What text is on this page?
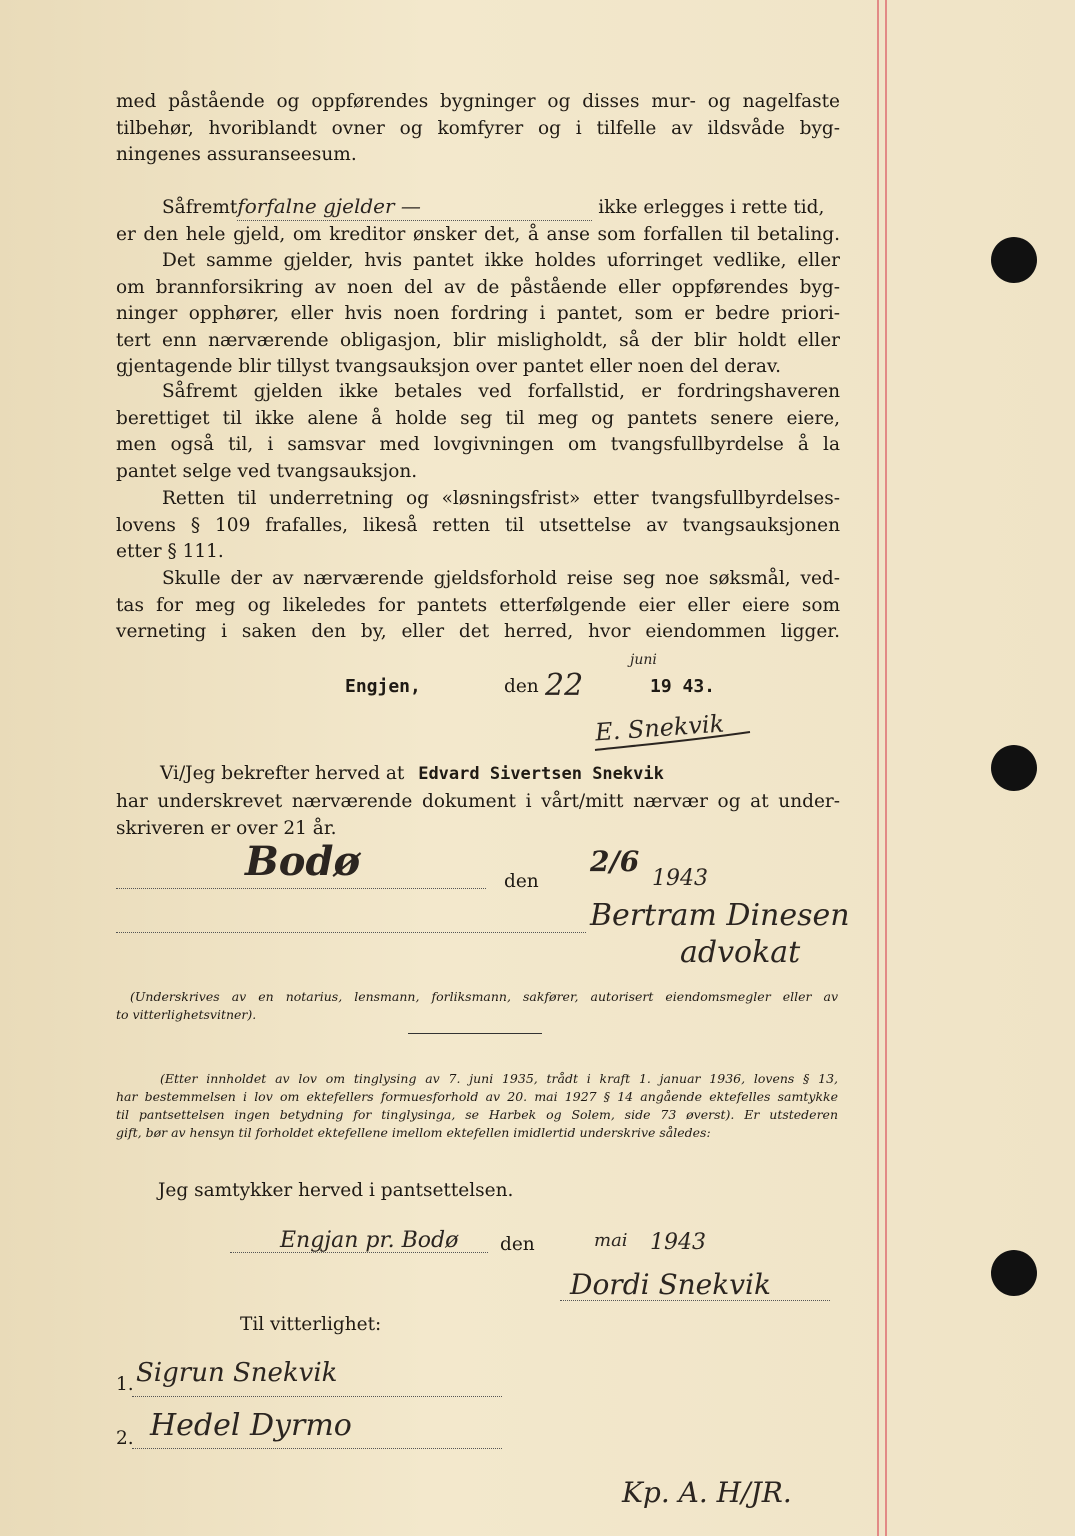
med påstående og oppførendes bygninger og disses mur- og nagelfaste
tilbehør, hvoriblandt ovner og komfyrer og i tilfelle av ildsvåde byg-
ningenes assuranseesum.
Såfremtforfalne gjelder —	ikke erlegges i rette tid,
er den hele gjeld, om kreditor ønsker det, å anse som forfallen til betaling.
Det samme gjelder, hvis pantet ikke holdes uforringet vedlike, eller
om brannforsikring av noen del av de påstående eller oppførendes byg-
ninger opphører, eller hvis noen fordring i pantet, som er bedre priori-
tert enn nærværende obligasjon, blir misligholdt, så der blir holdt eller
gjentagende blir tillyst tvangsauksjon over pantet eller noen del derav.
Såfremt gjelden ikke betales ved forfallstid, er fordringshaveren
berettiget til ikke alene å holde seg til meg og pantets senere eiere,
men også til, i samsvar med lovgivningen om tvangsfullbyrdelse å la
pantet selge ved tvangsauksjon.
Retten til underretning og «løsningsfrist» etter tvangsfullbyrdelses-
lovens § 109 frafalles, likeså retten til utsettelse av tvangsauksjonen
etter § 111.
Skulle der av nærværende gjeldsforhold reise seg noe søksmål, ved-
tas for meg og likeledes for pantets etterfølgende eier eller eiere som
verneting i saken den by, eller det herred, hvor eiendommen ligger.
Engjen,	den 22
juni
19 43.
E. Snekvik
Vi/Jeg bekrefter herved at Edvard Sivertsen Snekvik
har underskrevet nærværende dokument i vårt/mitt nærvær og at under-
skriveren er over 21 år.
Bodø	den
2/6
1943
Bertram Dinesen
advokat
(Underskrives av en notarius, lensmann, forliksmann, sakfører, autorisert eiendomsmegler eller av
to vitterlighetsvitner).
(Etter innholdet av lov om tinglysing av 7. juni 1935, trådt i kraft 1. januar 1936, lovens § 13,
har bestemmelsen i lov om ektefellers formuesforhold av 20. mai 1927 § 14 angående ektefelles samtykke
til pantsettelsen ingen betydning for tinglysinga, se Harbek og Solem, side 73 øverst). Er utstederen
gift, bør av hensyn til forholdet ektefellene imellom ektefellen imidlertid underskrive således:
Jeg samtykker herved i pantsettelsen.
Engjan pr. Bodø den	mai 1943
Dordi Snekvik
Til vitterlighet:
1. Sigrun Snekvik
2. Hedel Dyrmo
Kp. A. H/JR.
